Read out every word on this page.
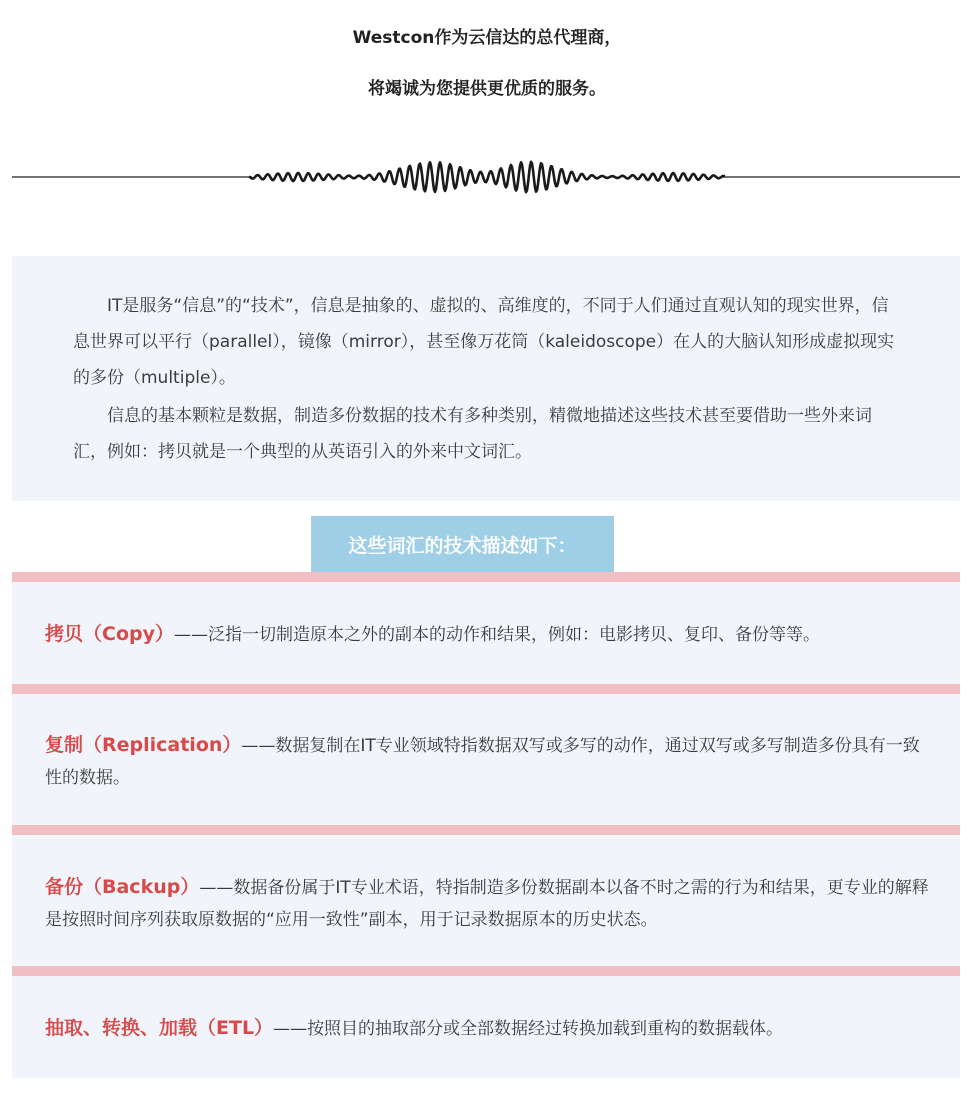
Westcon作为云信达的总代理商，
将竭诚为您提供更优质的服务。

IT是服务“信息”的“技术”，信息是抽象的、虚拟的、高维度的，不同于人们通过直观认知的现实世界，信息世界可以平行（parallel），镜像（mirror），甚至像万花筒（kaleidoscope）在人的大脑认知形成虚拟现实的多份（multiple）。

信息的基本颗粒是数据，制造多份数据的技术有多种类别，精微地描述这些技术甚至要借助一些外来词汇，例如：拷贝就是一个典型的从英语引入的外来中文词汇。

这些词汇的技术描述如下：

拷贝（Copy）——泛指一切制造原本之外的副本的动作和结果，例如：电影拷贝、复印、备份等等。

复制（Replication）——数据复制在IT专业领域特指数据双写或多写的动作，通过双写或多写制造多份具有一致性的数据。

备份（Backup）——数据备份属于IT专业术语，特指制造多份数据副本以备不时之需的行为和结果，更专业的解释是按照时间序列获取原数据的“应用一致性”副本，用于记录数据原本的历史状态。

抽取、转换、加载（ETL）——按照目的抽取部分或全部数据经过转换加载到重构的数据载体。
